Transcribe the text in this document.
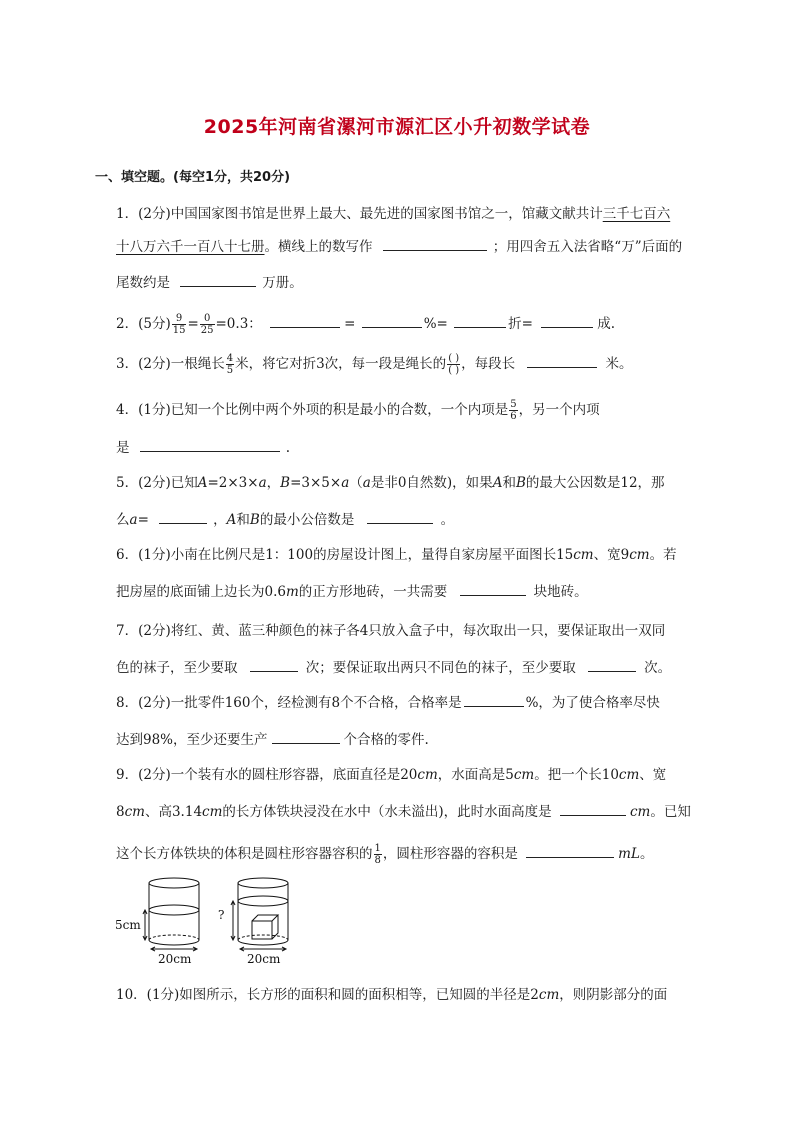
2025年河南省漯河市源汇区小升初数学试卷
一、填空题。(每空1分，共20分)
1．(2分)中国国家图书馆是世界上最大、最先进的国家图书馆之一，馆藏文献共计三千七百六
十八万六千一百八十七册。横线上的数写作	；用四舍五入法省略“万”后面的
尾数约是	万册。
2．(5分) $\frac{9}{15} = \frac{0}{25} =0.3$：	=	%=	折=	成.
3．(2分)一根绳长 $\frac{4}{5}$ 米，将它对折3次，每一段是绳长的 $\frac{( )}{( )}$ ，每段长	米。
4．(1分)已知一个比例中两个外项的积是最小的合数，一个内项是 $\frac{5}{6}$ ，另一个内项
是	.
5．(2分)已知A=2×3×a，B=3×5×a（a是非0自然数)，如果A和B的最大公因数是12，那
么a=	，A和B的最小公倍数是	。
6．(1分)小南在比例尺是1：100的房屋设计图上，量得自家房屋平面图长15cm、宽9cm。若
把房屋的底面铺上边长为0.6m的正方形地砖，一共需要	块地砖。
7．(2分)将红、黄、蓝三种颜色的袜子各4只放入盒子中，每次取出一只，要保证取出一双同
色的袜子，至少要取	次；要保证取出两只不同色的袜子，至少要取	次。
8．(2分)一批零件160个，经检测有8个不合格，合格率是	%，为了使合格率尽快
达到98%，至少还要生产	个合格的零件.
9．(2分)一个装有水的圆柱形容器，底面直径是20cm，水面高是5cm。把一个长10cm、宽
8cm、高3.14cm的长方体铁块浸没在水中（水未溢出)，此时水面高度是	cm。已知
这个长方体铁块的体积是圆柱形容器容积的 $\frac{1}{8}$ ，圆柱形容器的容积是	mL。
5cm
20cm
?
20cm
10．(1分)如图所示，长方形的面积和圆的面积相等，已知圆的半径是2cm，则阴影部分的面
